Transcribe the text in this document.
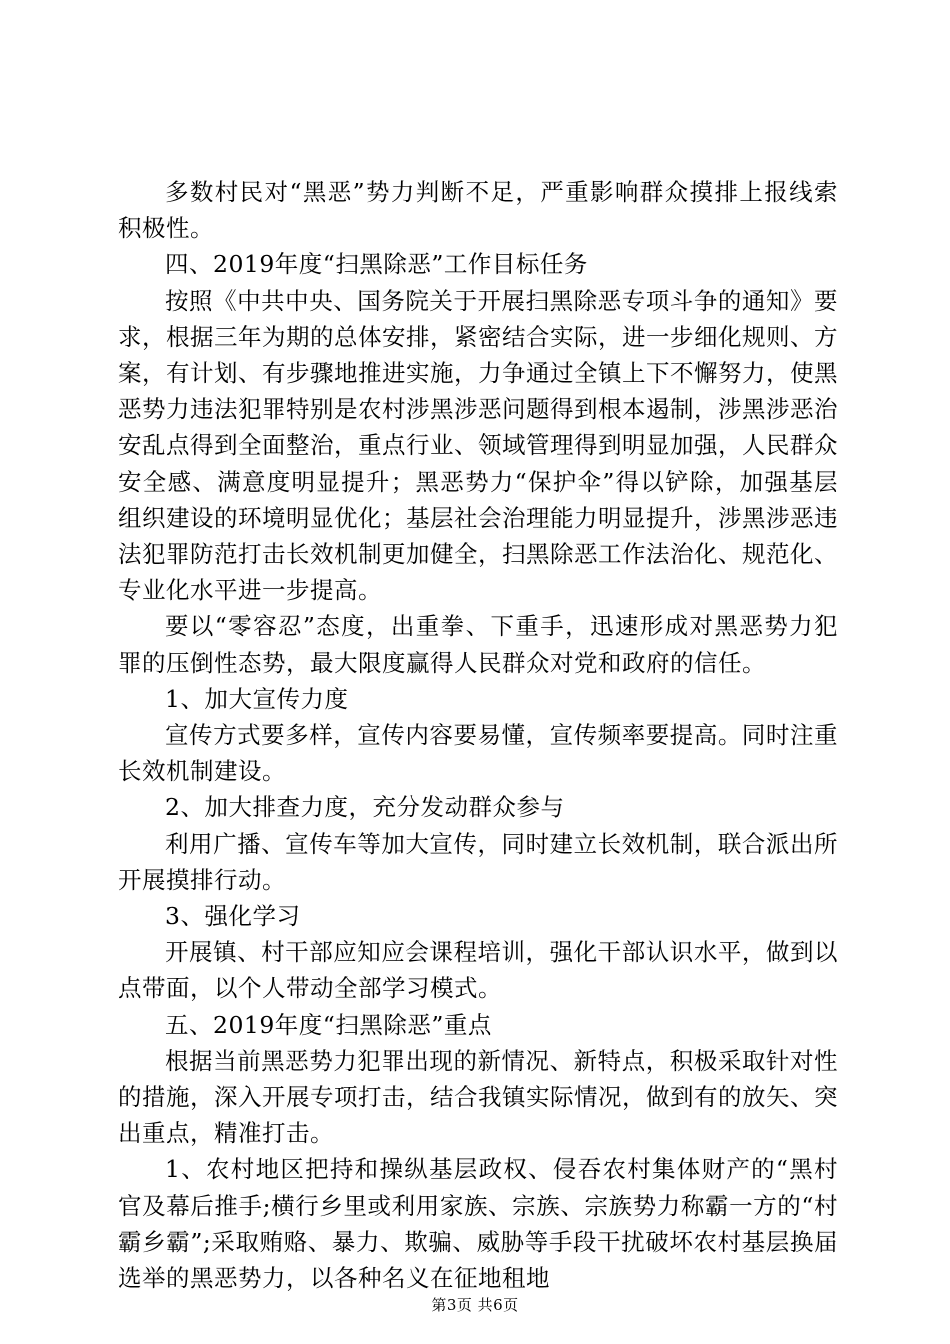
多数村民对“黑恶”势力判断不足，严重影响群众摸排上报线索积极性。

四、2019年度“扫黑除恶”工作目标任务

按照《中共中央、国务院关于开展扫黑除恶专项斗争的通知》要求，根据三年为期的总体安排，紧密结合实际，进一步细化规则、方案，有计划、有步骤地推进实施，力争通过全镇上下不懈努力，使黑恶势力违法犯罪特别是农村涉黑涉恶问题得到根本遏制，涉黑涉恶治安乱点得到全面整治，重点行业、领域管理得到明显加强，人民群众安全感、满意度明显提升；黑恶势力“保护伞”得以铲除，加强基层组织建设的环境明显优化；基层社会治理能力明显提升，涉黑涉恶违法犯罪防范打击长效机制更加健全，扫黑除恶工作法治化、规范化、专业化水平进一步提高。

要以“零容忍”态度，出重拳、下重手，迅速形成对黑恶势力犯罪的压倒性态势，最大限度赢得人民群众对党和政府的信任。

1、加大宣传力度

宣传方式要多样，宣传内容要易懂，宣传频率要提高。同时注重长效机制建设。

2、加大排查力度，充分发动群众参与

利用广播、宣传车等加大宣传，同时建立长效机制，联合派出所开展摸排行动。

3、强化学习

开展镇、村干部应知应会课程培训，强化干部认识水平，做到以点带面，以个人带动全部学习模式。

五、2019年度“扫黑除恶”重点

根据当前黑恶势力犯罪出现的新情况、新特点，积极采取针对性的措施，深入开展专项打击，结合我镇实际情况，做到有的放矢、突出重点，精准打击。

1、农村地区把持和操纵基层政权、侵吞农村集体财产的“黑村官及幕后推手;横行乡里或利用家族、宗族、宗族势力称霸一方的“村霸乡霸”;采取贿赂、暴力、欺骗、威胁等手段干扰破坏农村基层换届选举的黑恶势力，以各种名义在征地租地

第3页 共6页
